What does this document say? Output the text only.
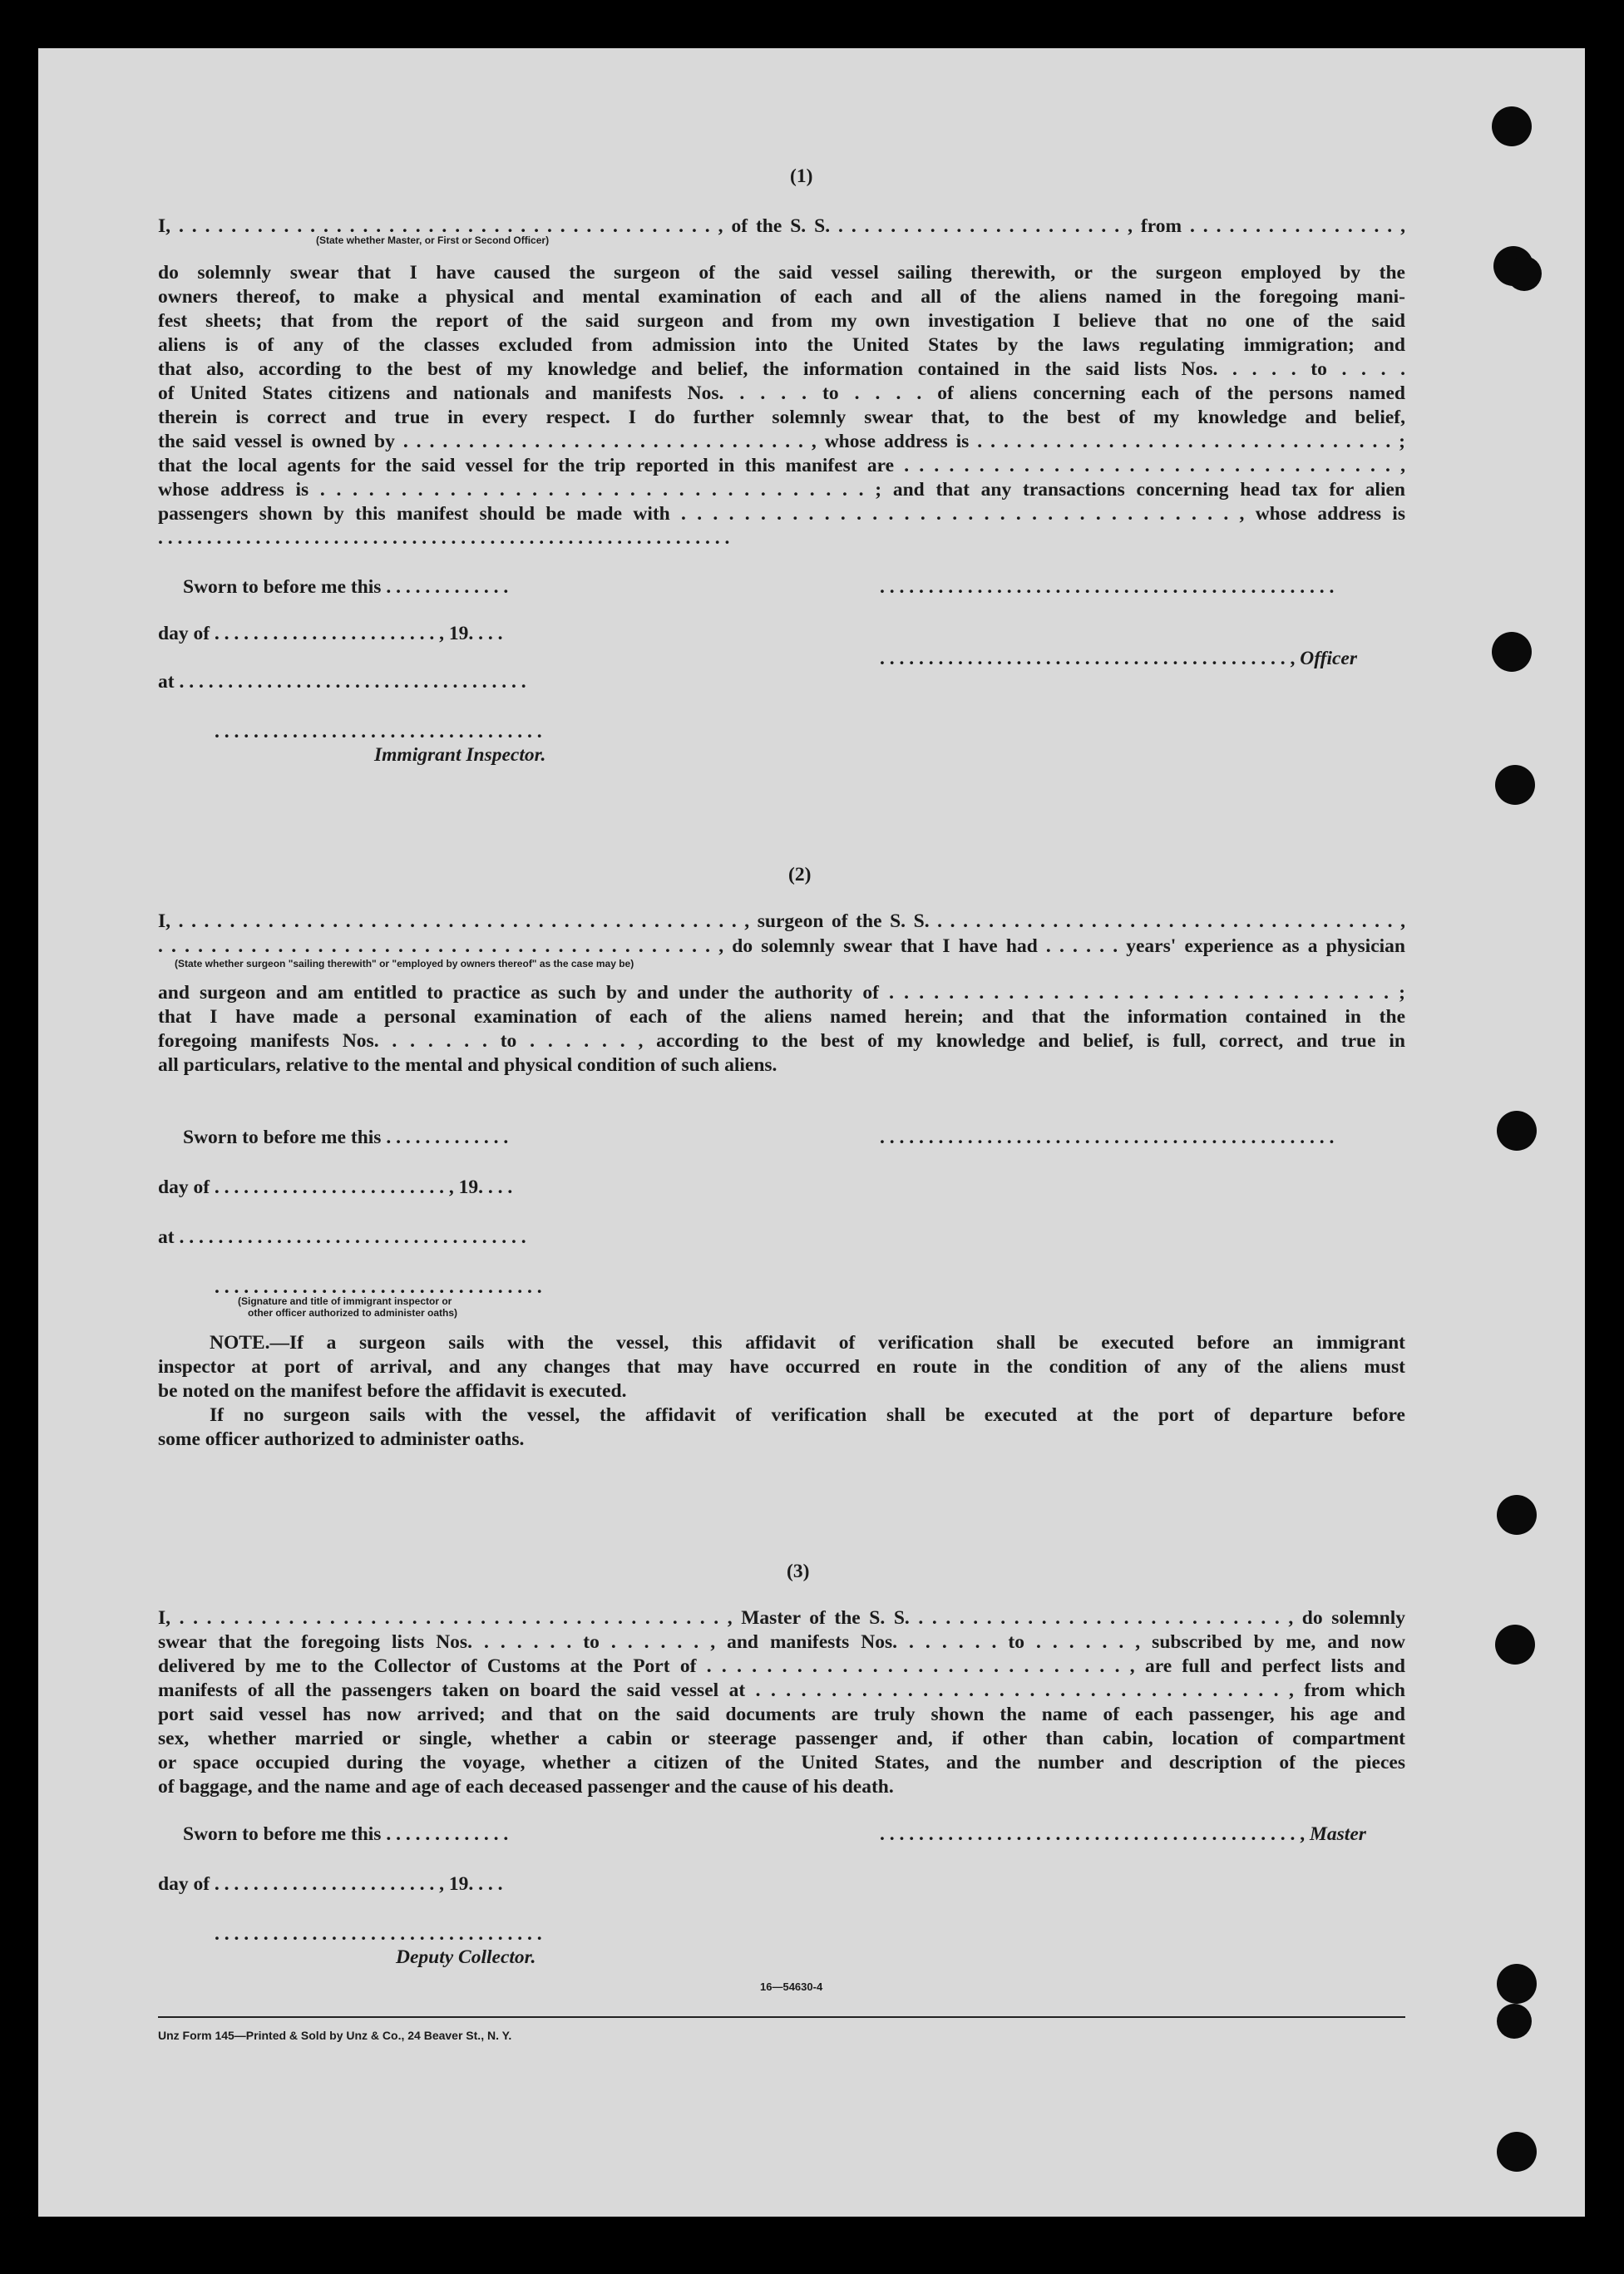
(1)
I, . . . . . . . . . . . . . . . . . . . . . . . . . . . . . . . . . . . . . . . . . , of the S. S. . . . . . . . . . . . . . . . . . . . . . . , from . . . . . . . . . . . . . . . . ,
(State whether Master, or First or Second Officer)
do solemnly swear that I have caused the surgeon of the said vessel sailing therewith, or the surgeon employed by the
owners thereof, to make a physical and mental examination of each and all of the aliens named in the foregoing mani-
fest sheets; that from the report of the said surgeon and from my own investigation I believe that no one of the said
aliens is of any of the classes excluded from admission into the United States by the laws regulating immigration; and
that also, according to the best of my knowledge and belief, the information contained in the said lists Nos. . . . . to . . . .
of United States citizens and nationals and manifests Nos. . . . . to . . . . of aliens concerning each of the persons named
therein is correct and true in every respect. I do further solemnly swear that, to the best of my knowledge and belief,
the said vessel is owned by . . . . . . . . . . . . . . . . . . . . . . . . . . . . . . . , whose address is . . . . . . . . . . . . . . . . . . . . . . . . . . . . . . . . ;
that the local agents for the said vessel for the trip reported in this manifest are . . . . . . . . . . . . . . . . . . . . . . . . . . . . . . . . . ,
whose address is . . . . . . . . . . . . . . . . . . . . . . . . . . . . . . . . . . ; and that any transactions concerning head tax for alien
passengers shown by this manifest should be made with . . . . . . . . . . . . . . . . . . . . . . . . . . . . . . . . . . . , whose address is
. . . . . . . . . . . . . . . . . . . . . . . . . . . . . . . . . . . . . . . . . . . . . . . . . . . . . . . . . . .
Sworn to before me this . . . . . . . . . . . . .	. . . . . . . . . . . . . . . . . . . . . . . . . . . . . . . . . . . . . . . . . . . . . . .
day of . . . . . . . . . . . . . . . . . . . . . . . , 19. . . .
. . . . . . . . . . . . . . . . . . . . . . . . . . . . . . . . . . . . . . . . . . , Officer
at . . . . . . . . . . . . . . . . . . . . . . . . . . . . . . . . . . . .
. . . . . . . . . . . . . . . . . . . . . . . . . . . . . . . . . .
Immigrant Inspector.
(2)
I, . . . . . . . . . . . . . . . . . . . . . . . . . . . . . . . . . . . . . . . . . . . . , surgeon of the S. S. . . . . . . . . . . . . . . . . . . . . . . . . . . . . . . . . . . . . ,
. . . . . . . . . . . . . . . . . . . . . . . . . . . . . . . . . . . . . . . . . . , do solemnly swear that I have had . . . . . . years' experience as a physician
(State whether surgeon "sailing therewith" or "employed by owners thereof" as the case may be)
and surgeon and am entitled to practice as such by and under the authority of . . . . . . . . . . . . . . . . . . . . . . . . . . . . . . . . . . ;
that I have made a personal examination of each of the aliens named herein; and that the information contained in the
foregoing manifests Nos. . . . . . . to . . . . . . , according to the best of my knowledge and belief, is full, correct, and true in
all particulars, relative to the mental and physical condition of such aliens.
Sworn to before me this . . . . . . . . . . . . .	. . . . . . . . . . . . . . . . . . . . . . . . . . . . . . . . . . . . . . . . . . . . . . .
day of . . . . . . . . . . . . . . . . . . . . . . . . , 19. . . .
at . . . . . . . . . . . . . . . . . . . . . . . . . . . . . . . . . . . .
. . . . . . . . . . . . . . . . . . . . . . . . . . . . . . . . . .
(Signature and title of immigrant inspector or
other officer authorized to administer oaths)
NOTE.—If a surgeon sails with the vessel, this affidavit of verification shall be executed before an immigrant
inspector at port of arrival, and any changes that may have occurred en route in the condition of any of the aliens must
be noted on the manifest before the affidavit is executed.
If no surgeon sails with the vessel, the affidavit of verification shall be executed at the port of departure before
some officer authorized to administer oaths.
(3)
I, . . . . . . . . . . . . . . . . . . . . . . . . . . . . . . . . . . . . . . . . , Master of the S. S. . . . . . . . . . . . . . . . . . . . . . . . . . . . , do solemnly
swear that the foregoing lists Nos. . . . . . . to . . . . . . , and manifests Nos. . . . . . . to . . . . . . , subscribed by me, and now
delivered by me to the Collector of Customs at the Port of . . . . . . . . . . . . . . . . . . . . . . . . . . . . , are full and perfect lists and
manifests of all the passengers taken on board the said vessel at . . . . . . . . . . . . . . . . . . . . . . . . . . . . . . . . . . . , from which
port said vessel has now arrived; and that on the said documents are truly shown the name of each passenger, his age and
sex, whether married or single, whether a cabin or steerage passenger and, if other than cabin, location of compartment
or space occupied during the voyage, whether a citizen of the United States, and the number and description of the pieces
of baggage, and the name and age of each deceased passenger and the cause of his death.
Sworn to before me this . . . . . . . . . . . . .	. . . . . . . . . . . . . . . . . . . . . . . . . . . . . . . . . . . . . . . . . . . , Master
day of . . . . . . . . . . . . . . . . . . . . . . . , 19. . . .
. . . . . . . . . . . . . . . . . . . . . . . . . . . . . . . . . .
Deputy Collector.
16—54630-4
Unz Form 145—Printed & Sold by Unz & Co., 24 Beaver St., N. Y.
